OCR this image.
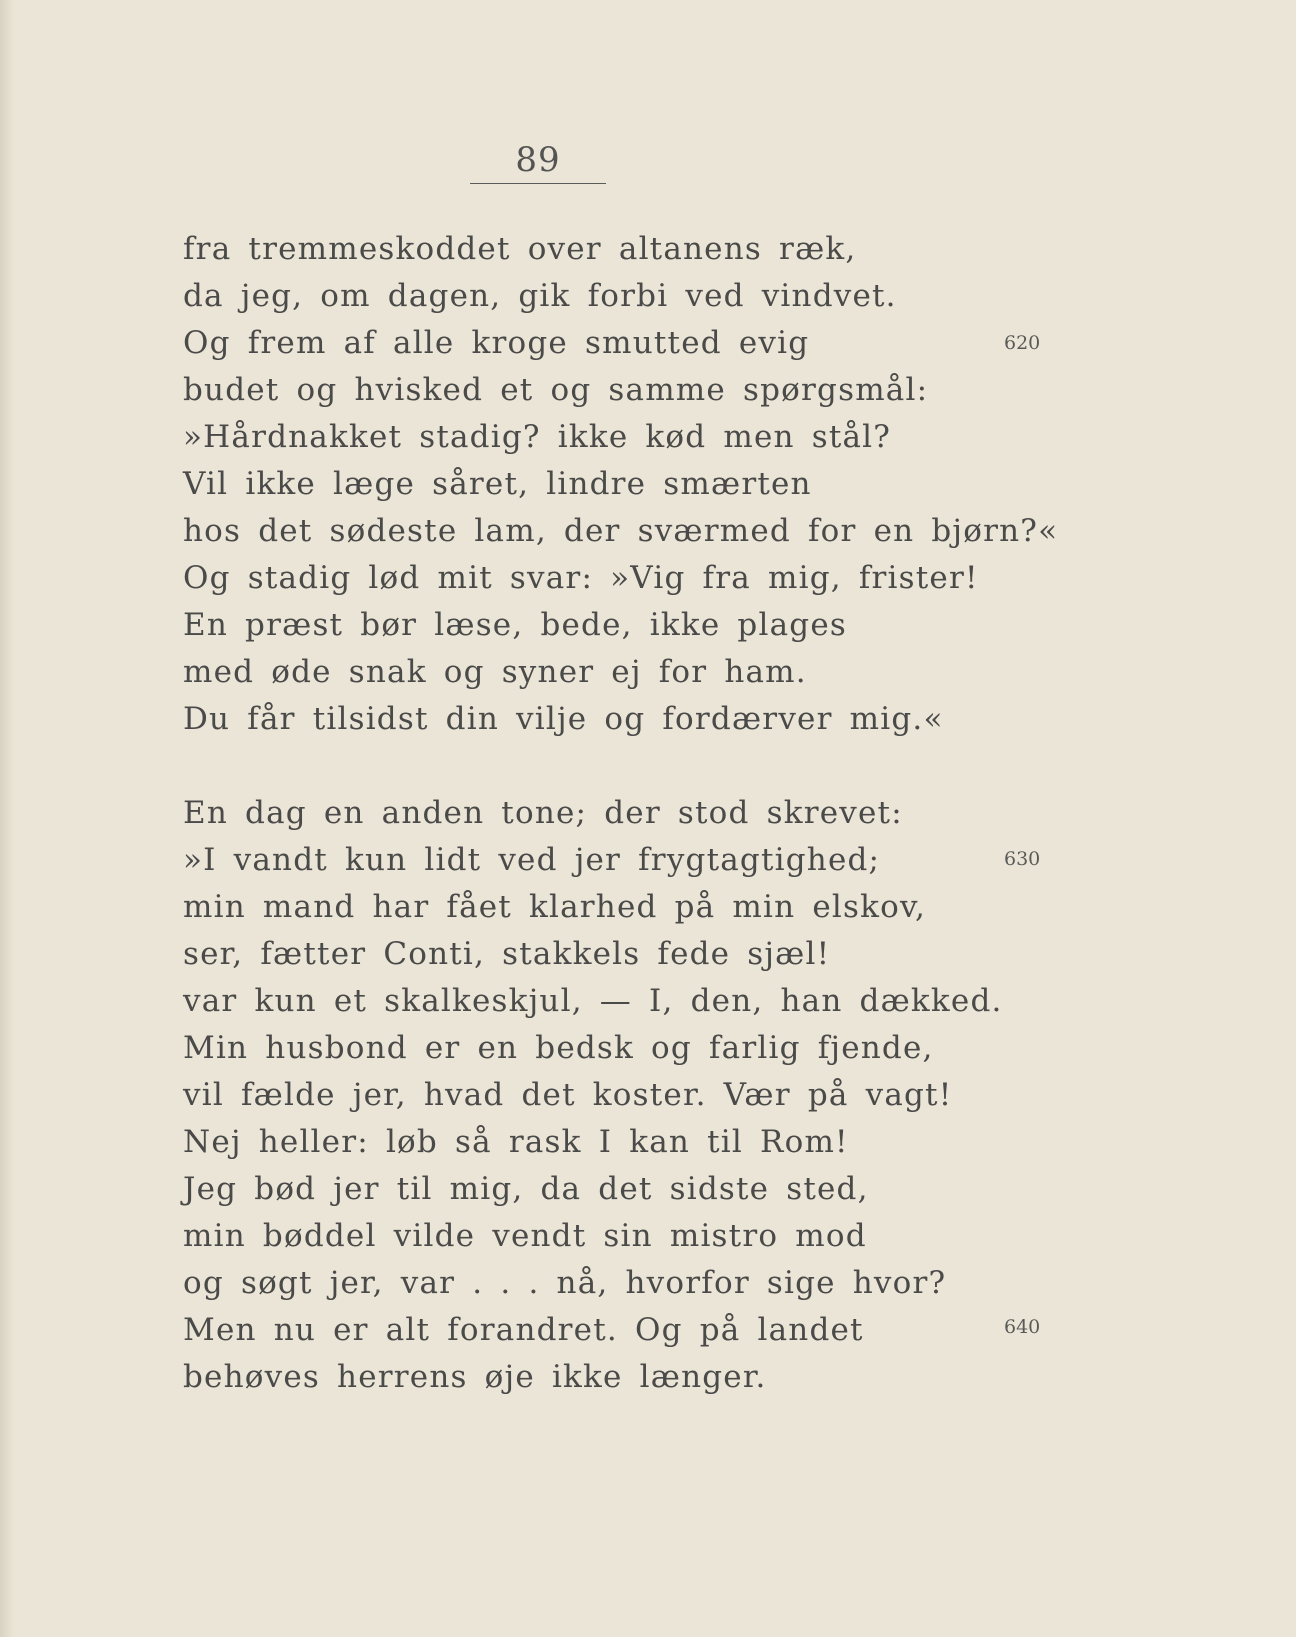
89
fra tremmeskoddet over altanens ræk,
da jeg, om dagen, gik forbi ved vindvet.
Og frem af alle kroge smutted evig
budet og hvisked et og samme spørgsmål:
»Hårdnakket stadig? ikke kød men stål?
Vil ikke læge såret, lindre smærten
hos det sødeste lam, der sværmed for en bjørn?«
Og stadig lød mit svar: »Vig fra mig, frister!
En præst bør læse, bede, ikke plages
med øde snak og syner ej for ham.
Du får tilsidst din vilje og fordærver mig.«
En dag en anden tone; der stod skrevet:
»I vandt kun lidt ved jer frygtagtighed;
min mand har fået klarhed på min elskov,
ser, fætter Conti, stakkels fede sjæl!
var kun et skalkeskjul, — I, den, han dækked.
Min husbond er en bedsk og farlig fjende,
vil fælde jer, hvad det koster. Vær på vagt!
Nej heller: løb så rask I kan til Rom!
Jeg bød jer til mig, da det sidste sted,
min bøddel vilde vendt sin mistro mod
og søgt jer, var . . . nå, hvorfor sige hvor?
Men nu er alt forandret. Og på landet
behøves herrens øje ikke længer.
620
630
640
